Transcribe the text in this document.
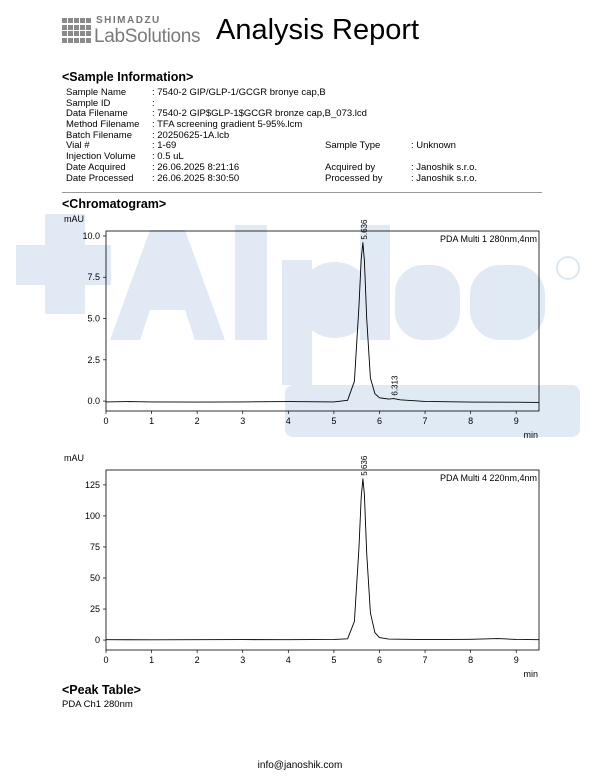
SHIMADZU
LabSolutions Analysis Report
<Sample Information>
Sample Name	: 7540-2 GIP/GLP-1/GCGR bronye cap,B
Sample ID	:
Data Filename	: 7540-2 GIP$GLP-1$GCGR bronze cap,B_073.lcd
Method Filename : TFA screening gradient 5-95%.lcm
Batch Filename : 20250625-1A.lcb
Vial #	: 1-69	Sample Type	: Unknown
Injection Volume : 0.5 uL
Date Acquired	: 26.06.2025 8:21:16	Acquired by	: Janoshik s.r.o.
Date Processed : 26.06.2025 8:30:50	Processed by	: Janoshik s.r.o.
<Chromatogram>
0	1	2	3	4	5	6	7	8	9
0.0
2.5
5.0
7.5
10.0
mAU
min
PDA Multi 1 280nm,4nm
5.636
6.313
0	1	2	3	4	5	6	7	8	9
0
25
50
75
100
125
mAU
min
PDA Multi 4 220nm,4nm
5.636
<Peak Table>
PDA Ch1 280nm
info@janoshik.com
